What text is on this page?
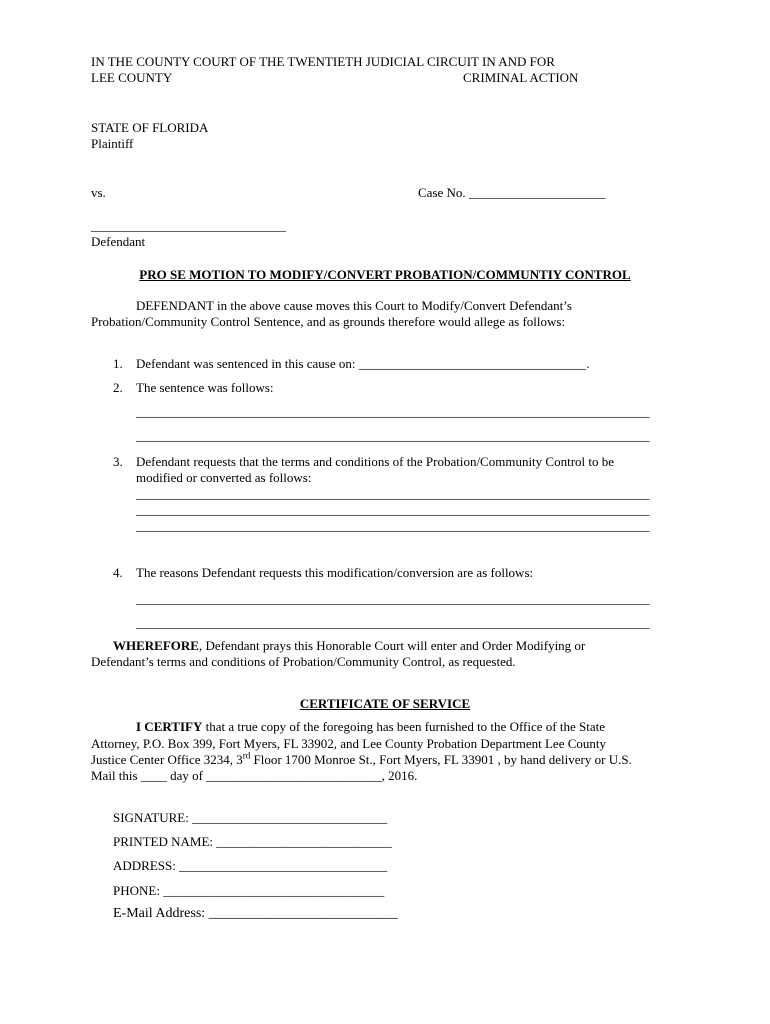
IN THE COUNTY COURT OF THE TWENTIETH JUDICIAL CIRCUIT IN AND FOR
LEE COUNTY	CRIMINAL ACTION
STATE OF FLORIDA
Plaintiff
vs.	Case No. _____________________
______________________________
Defendant
PRO SE MOTION TO MODIFY/CONVERT PROBATION/COMMUNTIY CONTROL
DEFENDANT in the above cause moves this Court to Modify/Convert Defendant’s
Probation/Community Control Sentence, and as grounds therefore would allege as follows:
1. Defendant was sentenced in this cause on: ___________________________________.
2. The sentence was follows:
_______________________________________________________________________________
_______________________________________________________________________________
3. Defendant requests that the terms and conditions of the Probation/Community Control to be
modified or converted as follows:
_______________________________________________________________________________
_______________________________________________________________________________
_______________________________________________________________________________
4. The reasons Defendant requests this modification/conversion are as follows:
_______________________________________________________________________________
_______________________________________________________________________________
WHEREFORE, Defendant prays this Honorable Court will enter and Order Modifying or
Defendant’s terms and conditions of Probation/Community Control, as requested.
CERTIFICATE OF SERVICE
I CERTIFY that a true copy of the foregoing has been furnished to the Office of the State
Attorney, P.O. Box 399, Fort Myers, FL 33902, and Lee County Probation Department Lee County
Justice Center Office 3234, 3rd Floor 1700 Monroe St., Fort Myers, FL 33901 , by hand delivery or U.S.
Mail this ____ day of ___________________________, 2016.
SIGNATURE: ______________________________
PRINTED NAME: ___________________________
ADDRESS: ________________________________
PHONE: __________________________________
E-Mail Address: ___________________________
